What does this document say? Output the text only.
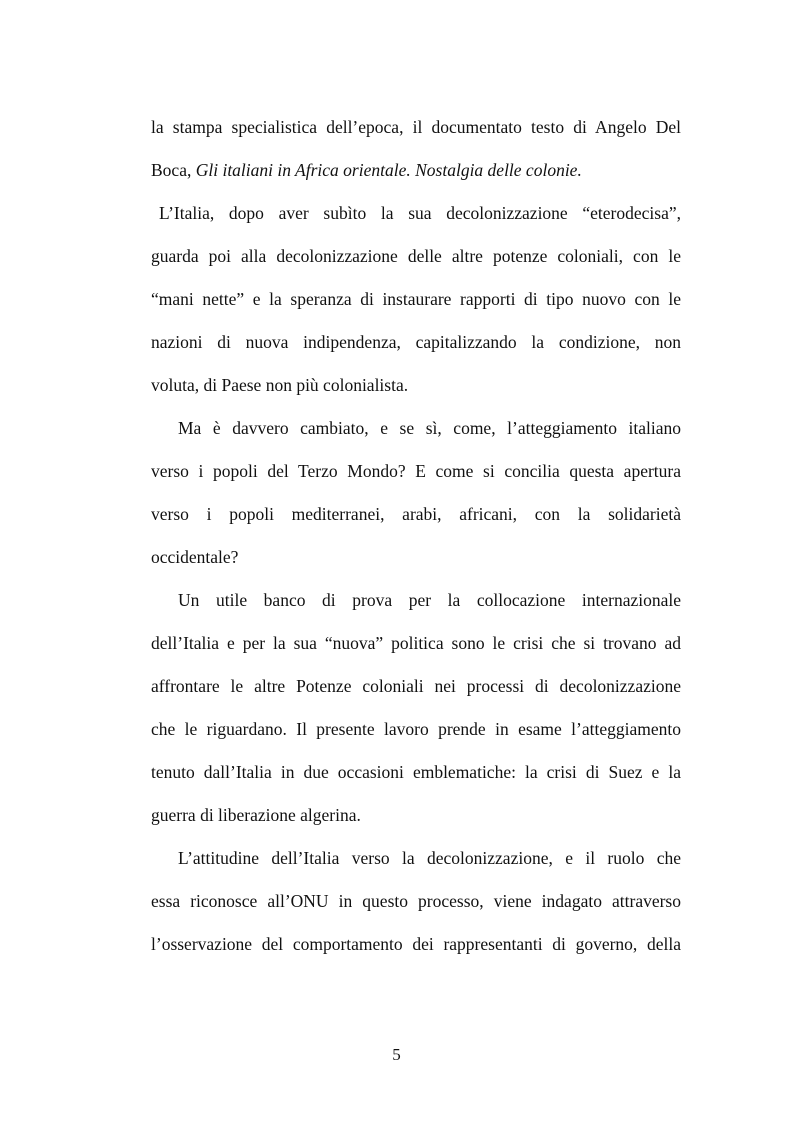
la stampa specialistica dell’epoca, il documentato testo di Angelo Del

Boca, Gli italiani in Africa orientale. Nostalgia delle colonie.

L’Italia, dopo aver subìto la sua decolonizzazione “eterodecisa”,

guarda poi alla decolonizzazione delle altre potenze coloniali, con le

“mani nette” e la speranza di instaurare rapporti di tipo nuovo con le

nazioni di nuova indipendenza, capitalizzando la condizione, non

voluta, di Paese non più colonialista.

Ma è davvero cambiato, e se sì, come, l’atteggiamento italiano

verso i popoli del Terzo Mondo? E come si concilia questa apertura

verso i popoli mediterranei, arabi, africani, con la solidarietà

occidentale?

Un utile banco di prova per la collocazione internazionale

dell’Italia e per la sua “nuova” politica sono le crisi che si trovano ad

affrontare le altre Potenze coloniali nei processi di decolonizzazione

che le riguardano. Il presente lavoro prende in esame l’atteggiamento

tenuto dall’Italia in due occasioni emblematiche: la crisi di Suez e la

guerra di liberazione algerina.

L’attitudine dell’Italia verso la decolonizzazione, e il ruolo che

essa riconosce all’ONU in questo processo, viene indagato attraverso

l’osservazione del comportamento dei rappresentanti di governo, della

5
